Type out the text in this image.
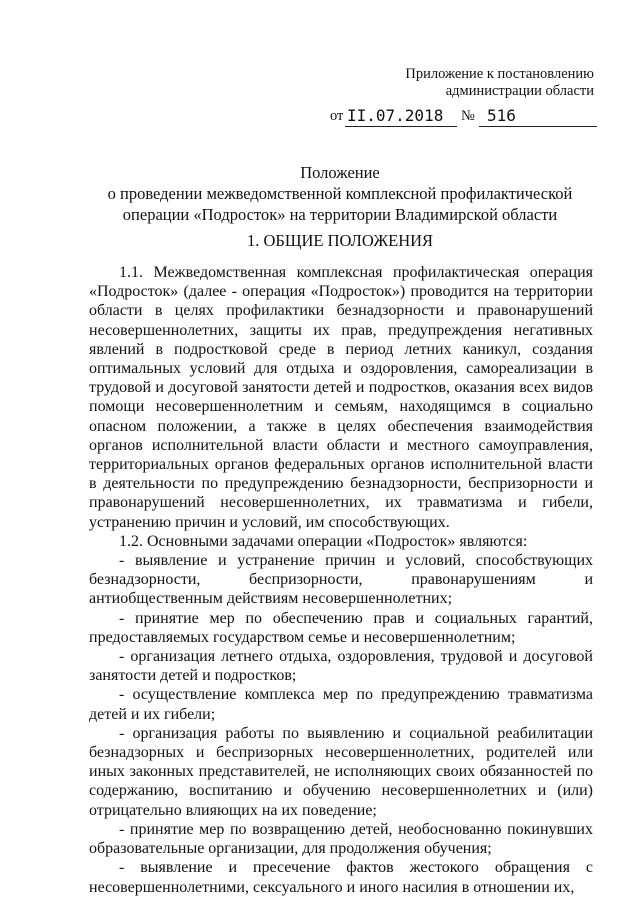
Приложение к постановлению
администрации области
от II.07.2018 № 516
Положение
о проведении межведомственной комплексной профилактической
операции «Подросток» на территории Владимирской области
1. ОБЩИЕ ПОЛОЖЕНИЯ

1.1. Межведомственная комплексная профилактическая операция «Подросток» (далее - операция «Подросток») проводится на территории области в целях профилактики безнадзорности и правонарушений несовершеннолетних, защиты их прав, предупреждения негативных явлений в подростковой среде в период летних каникул, создания оптимальных условий для отдыха и оздоровления, самореализации в трудовой и досуговой занятости детей и подростков, оказания всех видов помощи несовершеннолетним и семьям, находящимся в социально опасном положении, а также в целях обеспечения взаимодействия органов исполнительной власти области и местного самоуправления, территориальных органов федеральных органов исполнительной власти в деятельности по предупреждению безнадзорности, беспризорности и правонарушений несовершеннолетних, их травматизма и гибели, устранению причин и условий, им способствующих.

1.2. Основными задачами операции «Подросток» являются:

- выявление и устранение причин и условий, способствующих безнадзорности, беспризорности, правонарушениям и антиобщественным действиям несовершеннолетних;

- принятие мер по обеспечению прав и социальных гарантий, предоставляемых государством семье и несовершеннолетним;

- организация летнего отдыха, оздоровления, трудовой и досуговой занятости детей и подростков;

- осуществление комплекса мер по предупреждению травматизма детей и их гибели;

- организация работы по выявлению и социальной реабилитации безнадзорных и беспризорных несовершеннолетних, родителей или иных законных представителей, не исполняющих своих обязанностей по содержанию, воспитанию и обучению несовершеннолетних и (или) отрицательно влияющих на их поведение;

- принятие мер по возвращению детей, необоснованно покинувших образовательные организации, для продолжения обучения;

- выявление и пресечение фактов жестокого обращения с несовершеннолетними, сексуального и иного насилия в отношении их,
